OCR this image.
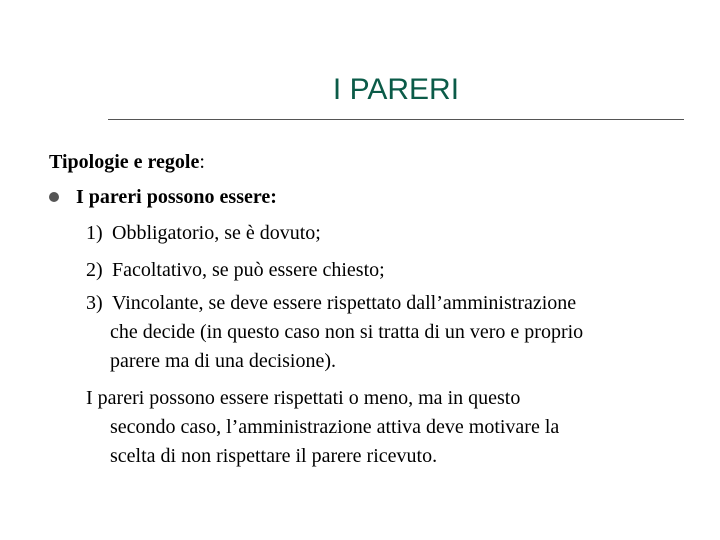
I PARERI
Tipologie e regole:
I pareri possono essere:
1) Obbligatorio, se è dovuto;
2) Facoltativo, se può essere chiesto;
3) Vincolante, se deve essere rispettato dall’amministrazione
che decide (in questo caso non si tratta di un vero e proprio
parere ma di una decisione).
I pareri possono essere rispettati o meno, ma in questo
secondo caso, l’amministrazione attiva deve motivare la
scelta di non rispettare il parere ricevuto.
